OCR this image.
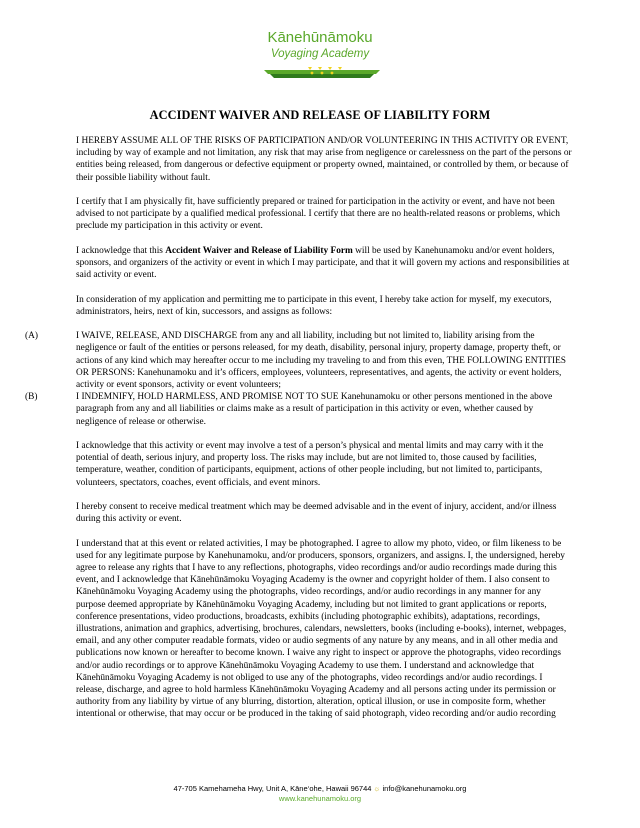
Kānehūnāmoku
Voyaging Academy
ACCIDENT WAIVER AND RELEASE OF LIABILITY FORM

I HEREBY ASSUME ALL OF THE RISKS OF PARTICIPATION AND/OR VOLUNTEERING IN THIS ACTIVITY OR EVENT, including by way of example and not limitation, any risk that may arise from negligence or carelessness on the part of the persons or entities being released, from dangerous or defective equipment or property owned, maintained, or controlled by them, or because of their possible liability without fault.

I certify that I am physically fit, have sufficiently prepared or trained for participation in the activity or event, and have not been advised to not participate by a qualified medical professional. I certify that there are no health-related reasons or problems, which preclude my participation in this activity or event.

I acknowledge that this Accident Waiver and Release of Liability Form will be used by Kanehunamoku and/or event holders, sponsors, and organizers of the activity or event in which I may participate, and that it will govern my actions and responsibilities at said activity or event.

In consideration of my application and permitting me to participate in this event, I hereby take action for myself, my executors, administrators, heirs, next of kin, successors, and assigns as follows:

(A)	I WAIVE, RELEASE, AND DISCHARGE from any and all liability, including but not limited to, liability arising from the negligence or fault of the entities or persons released, for my death, disability, personal injury, property damage, property theft, or actions of any kind which may hereafter occur to me including my traveling to and from this even, THE FOLLOWING ENTITIES OR PERSONS: Kanehunamoku and it’s officers, employees, volunteers, representatives, and agents, the activity or event holders, activity or event sponsors, activity or event volunteers;
(B)	I INDEMNIFY, HOLD HARMLESS, AND PROMISE NOT TO SUE Kanehunamoku or other persons mentioned in the above paragraph from any and all liabilities or claims make as a result of participation in this activity or even, whether caused by negligence of release or otherwise.

I acknowledge that this activity or event may involve a test of a person’s physical and mental limits and may carry with it the potential of death, serious injury, and property loss. The risks may include, but are not limited to, those caused by facilities, temperature, weather, condition of participants, equipment, actions of other people including, but not limited to, participants, volunteers, spectators, coaches, event officials, and event minors.

I hereby consent to receive medical treatment which may be deemed advisable and in the event of injury, accident, and/or illness during this activity or event.

I understand that at this event or related activities, I may be photographed. I agree to allow my photo, video, or film likeness to be used for any legitimate purpose by Kanehunamoku, and/or producers, sponsors, organizers, and assigns. I, the undersigned, hereby agree to release any rights that I have to any reflections, photographs, video recordings and/or audio recordings made during this event, and I acknowledge that Kānehūnāmoku Voyaging Academy is the owner and copyright holder of them. I also consent to Kānehūnāmoku Voyaging Academy using the photographs, video recordings, and/or audio recordings in any manner for any purpose deemed appropriate by Kānehūnāmoku Voyaging Academy, including but not limited to grant applications or reports, conference presentations, video productions, broadcasts, exhibits (including photographic exhibits), adaptations, recordings, illustrations, animation and graphics, advertising, brochures, calendars, newsletters, books (including e-books), internet, webpages, email, and any other computer readable formats, video or audio segments of any nature by any means, and in all other media and publications now known or hereafter to become known. I waive any right to inspect or approve the photographs, video recordings and/or audio recordings or to approve Kānehūnāmoku Voyaging Academy to use them. I understand and acknowledge that Kānehūnāmoku Voyaging Academy is not obliged to use any of the photographs, video recordings and/or audio recordings. I release, discharge, and agree to hold harmless Kānehūnāmoku Voyaging Academy and all persons acting under its permission or authority from any liability by virtue of any blurring, distortion, alteration, optical illusion, or use in composite form, whether intentional or otherwise, that may occur or be produced in the taking of said photograph, video recording and/or audio recording

47-705 Kamehameha Hwy, Unit A, Kāne‘ohe, Hawaii 96744 ☼ info@kanehunamoku.org
www.kanehunamoku.org
